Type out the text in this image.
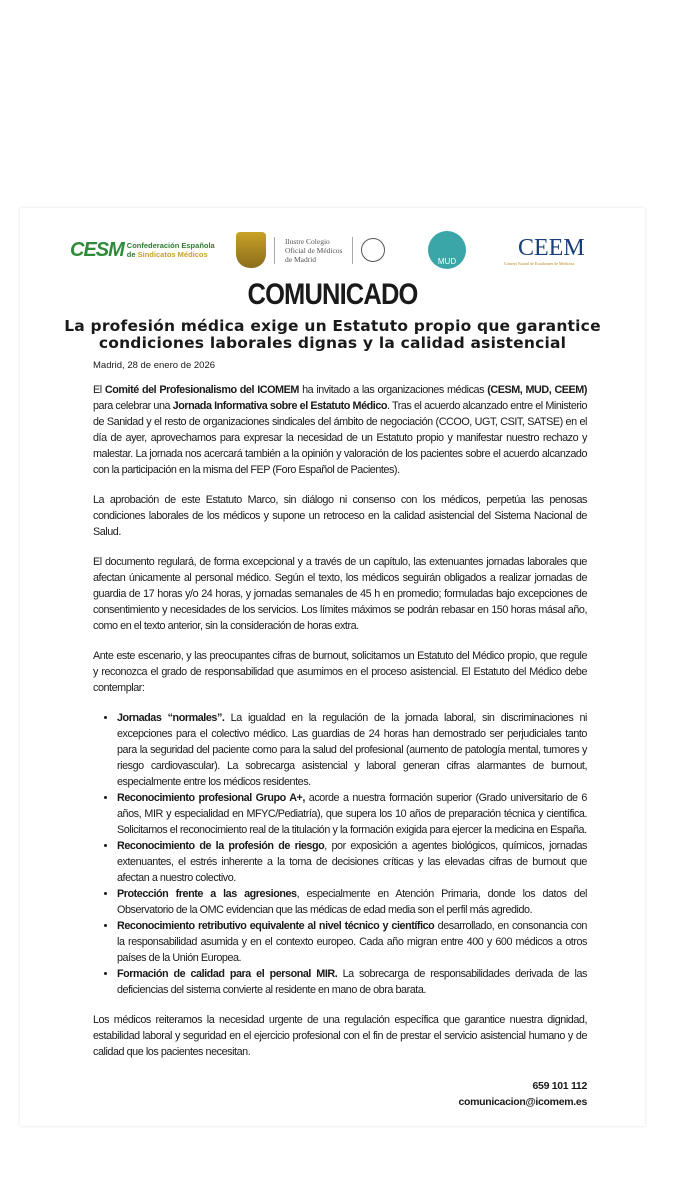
CESM Confederación Española
de Sindicatos Médicos
Ilustre Colegio
Oficial de Médicos
de Madrid	MUD
CEEM
Consejo Estatal de Estudiantes de Medicina
COMUNICADO
La profesión médica exige un Estatuto propio que garantice
condiciones laborales dignas y la calidad asistencial
Madrid, 28 de enero de 2026

El Comité del Profesionalismo del ICOMEM ha invitado a las organizaciones médicas (CESM, MUD, CEEM) para celebrar una Jornada Informativa sobre el Estatuto Médico. Tras el acuerdo alcanzado entre el Ministerio de Sanidad y el resto de organizaciones sindicales del ámbito de negociación (CCOO, UGT, CSIT, SATSE) en el día de ayer, aprovechamos para expresar la necesidad de un Estatuto propio y manifestar nuestro rechazo y malestar. La jornada nos acercará también a la opinión y valoración de los pacientes sobre el acuerdo alcanzado con la participación en la misma del FEP (Foro Español de Pacientes).

La aprobación de este Estatuto Marco, sin diálogo ni consenso con los médicos, perpetúa las penosas condiciones laborales de los médicos y supone un retroceso en la calidad asistencial del Sistema Nacional de Salud.

El documento regulará, de forma excepcional y a través de un capítulo, las extenuantes jornadas laborales que afectan únicamente al personal médico. Según el texto, los médicos seguirán obligados a realizar jornadas de guardia de 17 horas y/o 24 horas, y jornadas semanales de 45 h en promedio; formuladas bajo excepciones de consentimiento y necesidades de los servicios. Los límites máximos se podrán rebasar en 150 horas másal año, como en el texto anterior, sin la consideración de horas extra.

Ante este escenario, y las preocupantes cifras de burnout, solicitamos un Estatuto del Médico propio, que regule y reconozca el grado de responsabilidad que asumimos en el proceso asistencial. El Estatuto del Médico debe contemplar:

• Jornadas “normales”. La igualdad en la regulación de la jornada laboral, sin discriminaciones ni excepciones para el colectivo médico. Las guardias de 24 horas han demostrado ser perjudiciales tanto para la seguridad del paciente como para la salud del profesional (aumento de patología mental, tumores y riesgo cardiovascular). La sobrecarga asistencial y laboral generan cifras alarmantes de burnout, especialmente entre los médicos residentes.
• Reconocimiento profesional Grupo A+, acorde a nuestra formación superior (Grado universitario de 6 años, MIR y especialidad en MFYC/Pediatría), que supera los 10 años de preparación técnica y científica. Solicitamos el reconocimiento real de la titulación y la formación exigida para ejercer la medicina en España.
• Reconocimiento de la profesión de riesgo, por exposición a agentes biológicos, químicos, jornadas extenuantes, el estrés inherente a la toma de decisiones críticas y las elevadas cifras de burnout que afectan a nuestro colectivo.
• Protección frente a las agresiones, especialmente en Atención Primaria, donde los datos del Observatorio de la OMC evidencian que las médicas de edad media son el perfil más agredido.
• Reconocimiento retributivo equivalente al nivel técnico y científico desarrollado, en consonancia con la responsabilidad asumida y en el contexto europeo. Cada año migran entre 400 y 600 médicos a otros países de la Unión Europea.
• Formación de calidad para el personal MIR. La sobrecarga de responsabilidades derivada de las deficiencias del sistema convierte al residente en mano de obra barata.

Los médicos reiteramos la necesidad urgente de una regulación específica que garantice nuestra dignidad, estabilidad laboral y seguridad en el ejercicio profesional con el fin de prestar el servicio asistencial humano y de calidad que los pacientes necesitan.

659 101 112
comunicacion@icomem.es
